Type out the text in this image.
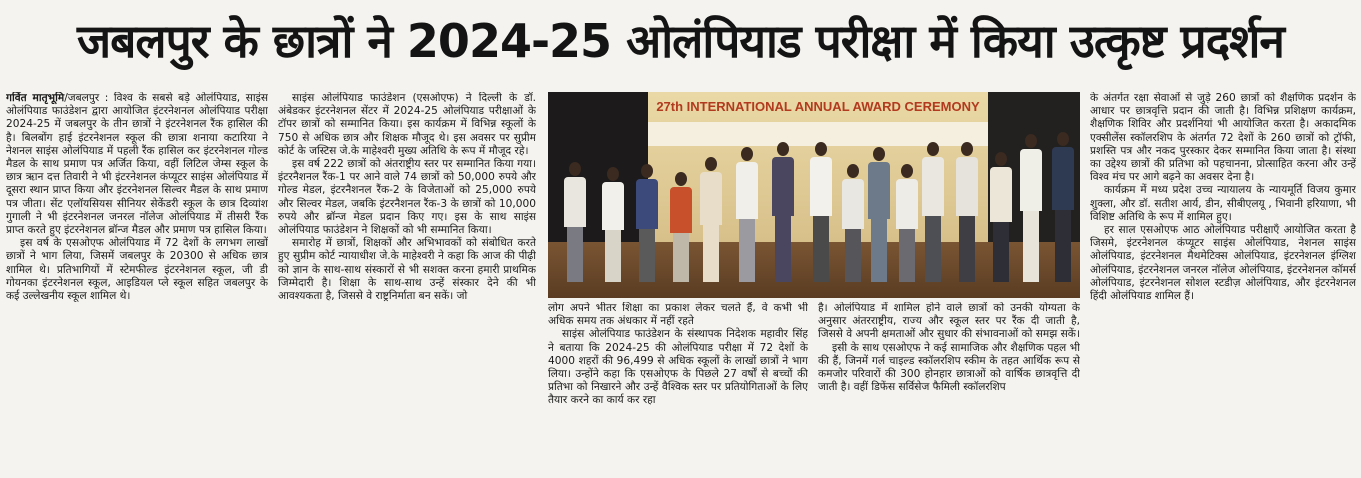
जबलपुर के छात्रों ने 2024-25 ओलंपियाड परीक्षा में किया उत्कृष्ट प्रदर्शन

गर्वित मातृभूमि/जबलपुर : विश्व के सबसे बड़े ओलंपियाड, साइंस ओलंपियाड फाउंडेशन द्वारा आयोजित इंटरनेशनल ओलंपियाड परीक्षा 2024-25 में जबलपुर के तीन छात्रों ने इंटरनेशनल रैंक हासिल की है। बिलबोंग हाई इंटरनेशनल स्कूल की छात्रा शनाया कटारिया ने नेशनल साइंस ओलंपियाड में पहली रैंक हासिल कर इंटरनेशनल गोल्ड मैडल के साथ प्रमाण पत्र अर्जित किया, वहीं लिटिल जेम्स स्कूल के छात्र ऋान दत्त तिवारी ने भी इंटरनेशनल कंप्यूटर साइंस ओलंपियाड में दूसरा स्थान प्राप्त किया और इंटरनेशनल सिल्वर मैडल के साथ प्रमाण पत्र जीता। सेंट एलॉयसियस सीनियर सेकेंडरी स्कूल के छात्र दिव्यांश गुगाली ने भी इंटरनेशनल जनरल नॉलेज ओलंपियाड में तीसरी रैंक प्राप्त करते हुए इंटरनेशनल ब्रॉन्ज मैडल और प्रमाण पत्र हासिल किया।

इस वर्ष के एसओएफ ओलंपियाड में 72 देशों के लगभग लाखों छात्रों ने भाग लिया, जिसमें जबलपुर के 20300 से अधिक छात्र शामिल थे। प्रतिभागियों में स्टेमफील्ड इंटरनेशनल स्कूल, जी डी गोयनका इंटरनेशनल स्कूल, आइडियल प्ले स्कूल सहित जबलपुर के कई उल्लेखनीय स्कूल शामिल थे।

साइंस ओलंपियाड फाउंडेशन (एसओएफ) ने दिल्ली के डॉ. अंबेडकर इंटरनेशनल सेंटर में 2024-25 ओलंपियाड परीक्षाओं के टॉपर छात्रों को सम्मानित किया। इस कार्यक्रम में विभिन्न स्कूलों के 750 से अधिक छात्र और शिक्षक मौजूद थे। इस अवसर पर सुप्रीम कोर्ट के जस्टिस जे.के माहेश्वरी मुख्य अतिथि के रूप में मौजूद रहे।

इस वर्ष 222 छात्रों को अंतराष्ट्रीय स्तर पर सम्मानित किया गया। इंटरनैशनल रैंक-1 पर आने वाले 74 छात्रों को 50,000 रुपये और गोल्ड मेडल, इंटरनैशनल रैंक-2 के विजेताओं को 25,000 रुपये और सिल्वर मेडल, जबकि इंटरनैशनल रैंक-3 के छात्रों को 10,000 रुपये और ब्रॉन्ज मेडल प्रदान किए गए। इस के साथ साइंस ओलंपियाड फाउंडेशन ने शिक्षकों को भी सम्मानित किया।

समारोह में छात्रों, शिक्षकों और अभिभावकों को संबोधित करते हुए सुप्रीम कोर्ट न्यायाधीश जे.के माहेश्वरी ने कहा कि आज की पीढ़ी को ज्ञान के साथ-साथ संस्कारों से भी सशक्त करना हमारी प्राथमिक जिम्मेदारी है। शिक्षा के साथ-साथ उन्हें संस्कार देने की भी आवश्यकता है, जिससे वे राष्ट्रनिर्माता बन सकें। जो

27th INTERNATIONAL ANNUAL AWARD CEREMONY

लोग अपने भीतर शिक्षा का प्रकाश लेकर चलते हैं, वे कभी भी अधिक समय तक अंधकार में नहीं रहते

साइंस ओलंपियाड फाउंडेशन के संस्थापक निदेशक महावीर सिंह ने बताया कि 2024-25 की ओलंपियाड परीक्षा में 72 देशों के 4000 शहरों की 96,499 से अधिक स्कूलों के लाखों छात्रों ने भाग लिया। उन्होंने कहा कि एसओएफ के पिछले 27 वर्षों से बच्चों की प्रतिभा को निखारने और उन्हें वैश्विक स्तर पर प्रतियोगिताओं के लिए तैयार करने का कार्य कर रहा

है। ओलंपियाड में शामिल होने वाले छात्रों को उनकी योग्यता के अनुसार अंतरराष्ट्रीय, राज्य और स्कूल स्तर पर रैंक दी जाती है, जिससे वे अपनी क्षमताओं और सुधार की संभावनाओं को समझ सकें।

इसी के साथ एसओएफ ने कई सामाजिक और शैक्षणिक पहल भी की हैं, जिनमें गर्ल चाइल्ड स्कॉलरशिप स्कीम के तहत आर्थिक रूप से कमजोर परिवारों की 300 होनहार छात्राओं को वार्षिक छात्रवृत्ति दी जाती है। वहीं डिफेंस सर्विसेज फैमिली स्कॉलरशिप

के अंतर्गत रक्षा सेवाओं से जुड़े 260 छात्रों को शैक्षणिक प्रदर्शन के आधार पर छात्रवृत्ति प्रदान की जाती है। विभिन्न प्रशिक्षण कार्यक्रम, शैक्षणिक शिविर और प्रदर्शनियां भी आयोजित करता है। अकादमिक एक्सीलेंस स्कॉलरशिप के अंतर्गत 72 देशों के 260 छात्रों को ट्रॉफी, प्रशस्ति पत्र और नकद पुरस्कार देकर सम्मानित किया जाता है। संस्था का उद्देश्य छात्रों की प्रतिभा को पहचानना, प्रोत्साहित करना और उन्हें विश्व मंच पर आगे बढ़ने का अवसर देना है।

कार्यक्रम में मध्य प्रदेश उच्च न्यायालय के न्यायमूर्ति विजय कुमार शुक्ला, और डॉ. सतीश आर्य, डीन, सीबीएलयू , भिवानी हरियाणा, भी विशिष्ट अतिथि के रूप में शामिल हुए।

हर साल एसओएफ आठ ओलंपियाड परीक्षाएँ आयोजित करता है जिसमे, इंटरनेशनल कंप्यूटर साइंस ओलंपियाड, नेशनल साइंस ओलंपियाड, इंटरनेशनल मैथमेटिक्स ओलंपियाड, इंटरनेशनल इंग्लिश ओलंपियाड, इंटरनेशनल जनरल नॉलेज ओलंपियाड, इंटरनेशनल कॉमर्स ओलंपियाड, इंटरनेशनल सोशल स्टडीज़ ओलंपियाड, और इंटरनेशनल हिंदी ओलंपियाड शामिल हैं।
